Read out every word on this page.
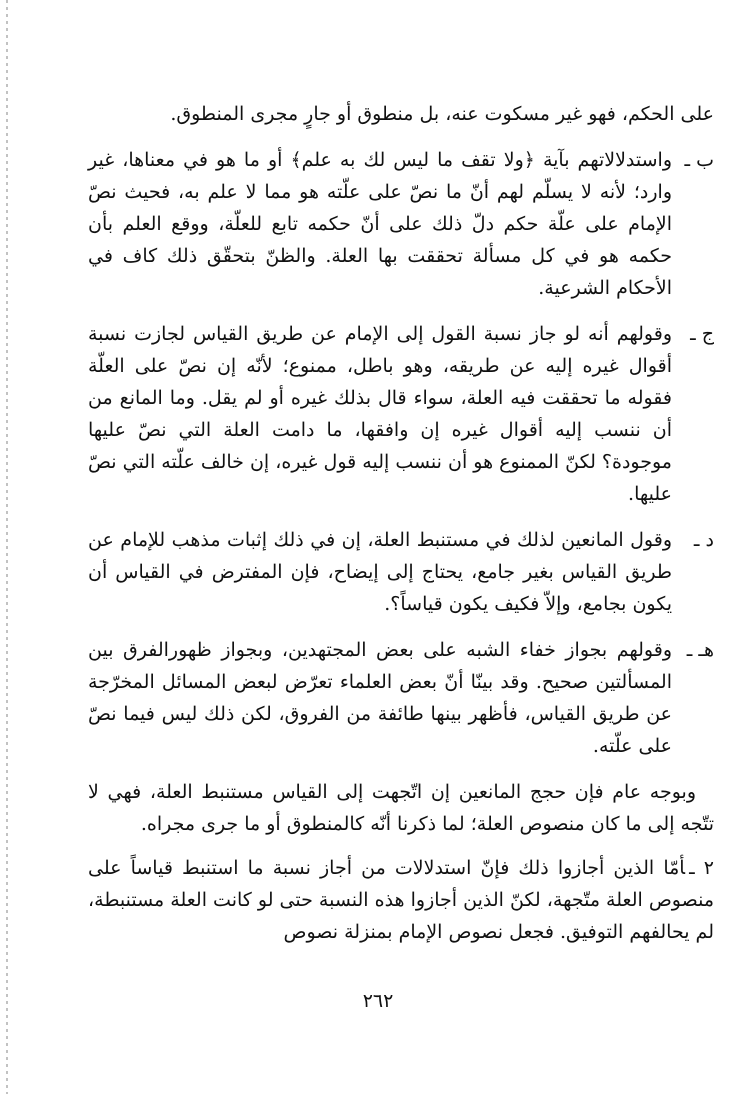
على الحكم، فهو غير مسكوت عنه، بل منطوق أو جارٍ مجرى المنطوق.

ب ـ

واستدلالاتهم بآية ﴿ولا تقف ما ليس لك به علم﴾ أو ما هو في معناها، غير وارد؛ لأنه لا يسلّم لهم أنّ ما نصّ على علّته هو مما لا علم به، فحيث نصّ الإمام على علّة حكم دلّ ذلك على أنّ حكمه تابع للعلّة، ووقع العلم بأن حكمه هو في كل مسألة تحققت بها العلة. والظنّ بتحقّق ذلك كاف في الأحكام الشرعية.

ج ـ

وقولهم أنه لو جاز نسبة القول إلى الإمام عن طريق القياس لجازت نسبة أقوال غيره إليه عن طريقه، وهو باطل، ممنوع؛ لأنّه إن نصّ على العلّة فقوله ما تحققت فيه العلة، سواء قال بذلك غيره أو لم يقل. وما المانع من أن ننسب إليه أقوال غيره إن وافقها، ما دامت العلة التي نصّ عليها موجودة؟ لكنّ الممنوع هو أن ننسب إليه قول غيره، إن خالف علّته التي نصّ عليها.

د ـ

وقول المانعين لذلك في مستنبط العلة، إن في ذلك إثبات مذهب للإمام عن طريق القياس بغير جامع، يحتاج إلى إيضاح، فإن المفترض في القياس أن يكون بجامع، وإلاّ فكيف يكون قياساً؟.

هـ ـ

وقولهم بجواز خفاء الشبه على بعض المجتهدين، وبجواز ظهورالفرق بين المسألتين صحيح. وقد بينّا أنّ بعض العلماء تعرّض لبعض المسائل المخرّجة عن طريق القياس، فأظهر بينها طائفة من الفروق، لكن ذلك ليس فيما نصّ على علّته.

وبوجه عام فإن حجج المانعين إن اتّجهت إلى القياس مستنبط العلة، فهي لا تتّجه إلى ما كان منصوص العلة؛ لما ذكرنا أنّه كالمنطوق أو ما جرى مجراه.

٢ ـأمّا الذين أجازوا ذلك فإنّ استدلالات من أجاز نسبة ما استنبط قياساً على منصوص العلة متّجهة، لكنّ الذين أجازوا هذه النسبة حتى لو كانت العلة مستنبطة، لم يحالفهم التوفيق. فجعل نصوص الإمام بمنزلة نصوص

٢٦٢
